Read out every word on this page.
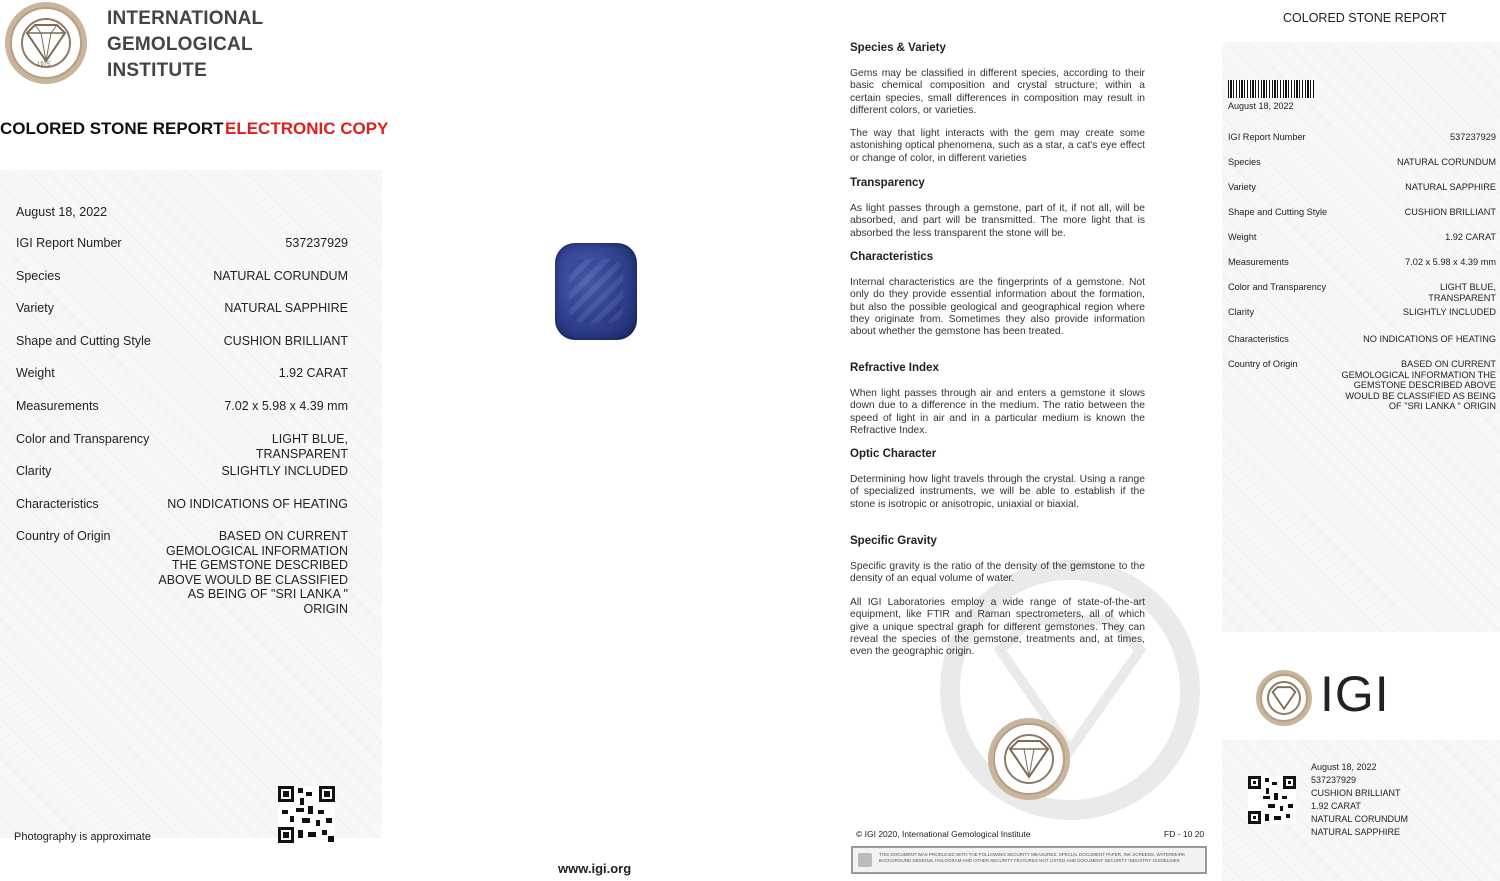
1975
INTERNATIONAL
GEMOLOGICAL
INSTITUTE
COLORED STONE REPORT ELECTRONIC COPY
August 18, 2022
IGI Report Number	537237929
Species	NATURAL CORUNDUM
Variety	NATURAL SAPPHIRE
Shape and Cutting Style	CUSHION BRILLIANT
Weight	1.92 CARAT
Measurements	7.02 x 5.98 x 4.39 mm
Color and Transparency	LIGHT BLUE,
TRANSPARENT
Clarity	SLIGHTLY INCLUDED
Characteristics	NO INDICATIONS OF HEATING
Country of Origin	BASED ON CURRENT
GEMOLOGICAL INFORMATION
THE GEMSTONE DESCRIBED
ABOVE WOULD BE CLASSIFIED
AS BEING OF "SRI LANKA "
ORIGIN
Photography is approximate
www.igi.org
Species & Variety
Gems may be classified in different species, according to their basic chemical composition and crystal structure; within a certain species, small differences in composition may result in different colors, or varieties.
The way that light interacts with the gem may create some astonishing optical phenomena, such as a star, a cat's eye effect or change of color, in different varieties
Transparency
As light passes through a gemstone, part of it, if not all, will be absorbed, and part will be transmitted. The more light that is absorbed the less transparent the stone will be.
Characteristics
Internal characteristics are the fingerprints of a gemstone. Not only do they provide essential information about the formation, but also the possible geological and geographical region where they originate from. Sometimes they also provide information about whether the gemstone has been treated.
Refractive Index
When light passes through air and enters a gemstone it slows down due to a difference in the medium. The ratio between the speed of light in air and in a particular medium is known the Refractive Index.
Optic Character
Determining how light travels through the crystal. Using a range of specialized instruments, we will be able to establish if the stone is isotropic or anisotropic, uniaxial or biaxial.
Specific Gravity
Specific gravity is the ratio of the density of the gemstone to the density of an equal volume of water.
All IGI Laboratories employ a wide range of state-of-the-art equipment, like FTIR and Raman spectrometers, all of which give a unique spectral graph for different gemstones. They can reveal the species of the gemstone, treatments and, at times, even the geographic origin.
© IGI 2020, International Gemological Institute	FD - 10 20
THIS DOCUMENT WAS PRODUCED WITH THE FOLLOWING SECURITY MEASURES: SPECIAL DOCUMENT PAPER, INK SCREENS, WATERMARK BACKGROUND DESIGNS, HOLOGRAM AND OTHER SECURITY FEATURES NOT LISTED AND DOCUMENT SECURITY INDUSTRY GUIDELINES
COLORED STONE REPORT
August 18, 2022
IGI Report Number	537237929
Species	NATURAL CORUNDUM
Variety	NATURAL SAPPHIRE
Shape and Cutting Style	CUSHION BRILLIANT
Weight	1.92 CARAT
Measurements	7.02 x 5.98 x 4.39 mm
Color and Transparency	LIGHT BLUE,
TRANSPARENT
Clarity	SLIGHTLY INCLUDED
Characteristics	NO INDICATIONS OF HEATING
Country of Origin	BASED ON CURRENT
GEMOLOGICAL INFORMATION THE
GEMSTONE DESCRIBED ABOVE
WOULD BE CLASSIFIED AS BEING
OF "SRI LANKA " ORIGIN
IGI
August 18, 2022
537237929
CUSHION BRILLIANT
1.92 CARAT
NATURAL CORUNDUM
NATURAL SAPPHIRE
